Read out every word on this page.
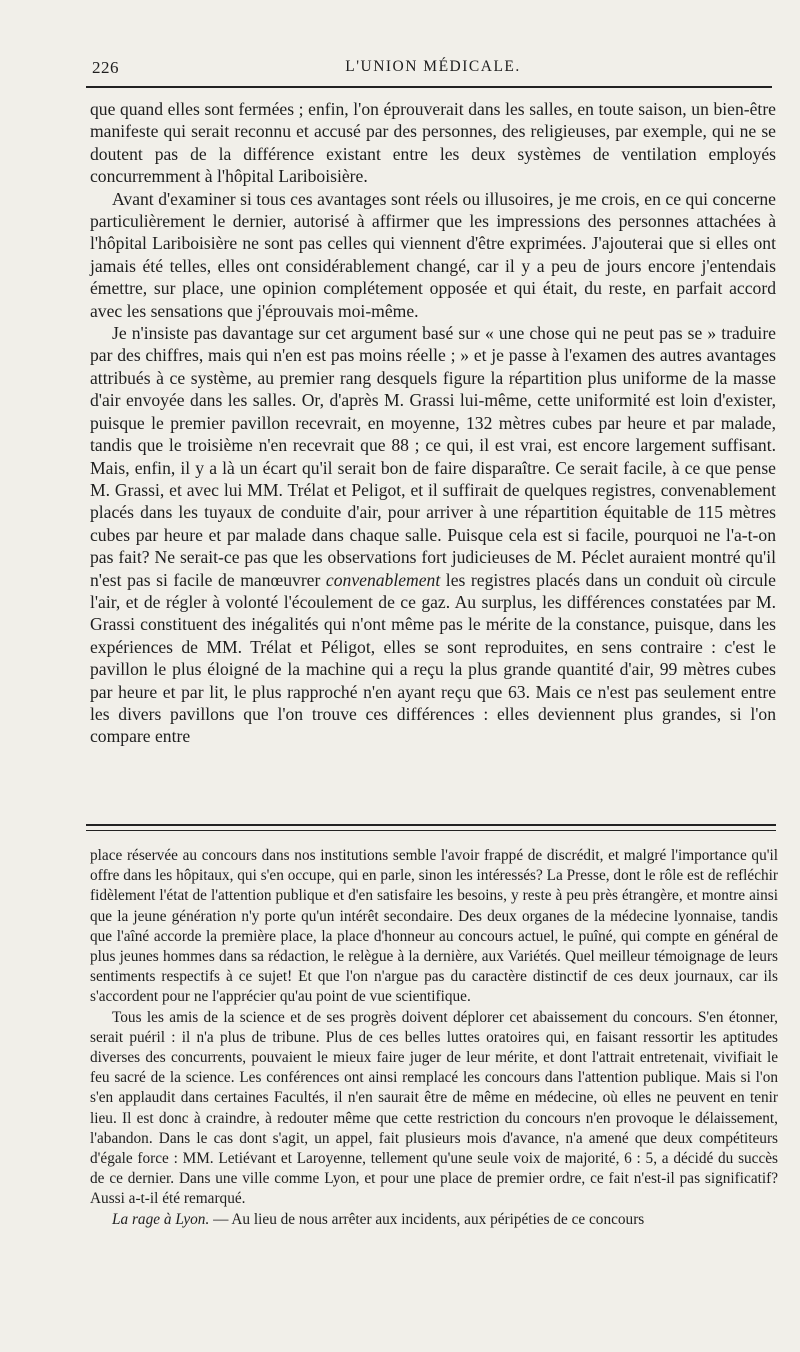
226	L'UNION MÉDICALE.

que quand elles sont fermées ; enfin, l'on éprouverait dans les salles, en toute saison, un bien-être manifeste qui serait reconnu et accusé par des personnes, des religieuses, par exemple, qui ne se doutent pas de la différence existant entre les deux systèmes de ventilation employés concurremment à l'hôpital Lariboisière.

Avant d'examiner si tous ces avantages sont réels ou illusoires, je me crois, en ce qui concerne particulièrement le dernier, autorisé à affirmer que les impressions des personnes attachées à l'hôpital Lariboisière ne sont pas celles qui viennent d'être exprimées. J'ajouterai que si elles ont jamais été telles, elles ont considérablement changé, car il y a peu de jours encore j'entendais émettre, sur place, une opinion complétement opposée et qui était, du reste, en parfait accord avec les sensations que j'éprouvais moi-même.

Je n'insiste pas davantage sur cet argument basé sur « une chose qui ne peut pas se » traduire par des chiffres, mais qui n'en est pas moins réelle ; » et je passe à l'examen des autres avantages attribués à ce système, au premier rang desquels figure la répartition plus uniforme de la masse d'air envoyée dans les salles. Or, d'après M. Grassi lui-même, cette uniformité est loin d'exister, puisque le premier pavillon recevrait, en moyenne, 132 mètres cubes par heure et par malade, tandis que le troisième n'en recevrait que 88 ; ce qui, il est vrai, est encore largement suffisant. Mais, enfin, il y a là un écart qu'il serait bon de faire disparaître. Ce serait facile, à ce que pense M. Grassi, et avec lui MM. Trélat et Peligot, et il suffirait de quelques registres, convenablement placés dans les tuyaux de conduite d'air, pour arriver à une répartition équitable de 115 mètres cubes par heure et par malade dans chaque salle. Puisque cela est si facile, pourquoi ne l'a-t-on pas fait? Ne serait-ce pas que les observations fort judicieuses de M. Péclet auraient montré qu'il n'est pas si facile de manœuvrer convenablement les registres placés dans un conduit où circule l'air, et de régler à volonté l'écoulement de ce gaz. Au surplus, les différences constatées par M. Grassi constituent des inégalités qui n'ont même pas le mérite de la constance, puisque, dans les expériences de MM. Trélat et Péligot, elles se sont reproduites, en sens contraire : c'est le pavillon le plus éloigné de la machine qui a reçu la plus grande quantité d'air, 99 mètres cubes par heure et par lit, le plus rapproché n'en ayant reçu que 63. Mais ce n'est pas seulement entre les divers pavillons que l'on trouve ces différences : elles deviennent plus grandes, si l'on compare entre

place réservée au concours dans nos institutions semble l'avoir frappé de discrédit, et malgré l'importance qu'il offre dans les hôpitaux, qui s'en occupe, qui en parle, sinon les intéressés? La Presse, dont le rôle est de refléchir fidèlement l'état de l'attention publique et d'en satisfaire les besoins, y reste à peu près étrangère, et montre ainsi que la jeune génération n'y porte qu'un intérêt secondaire. Des deux organes de la médecine lyonnaise, tandis que l'aîné accorde la première place, la place d'honneur au concours actuel, le puîné, qui compte en général de plus jeunes hommes dans sa rédaction, le relègue à la dernière, aux Variétés. Quel meilleur témoignage de leurs sentiments respectifs à ce sujet! Et que l'on n'argue pas du caractère distinctif de ces deux journaux, car ils s'accordent pour ne l'apprécier qu'au point de vue scientifique.

Tous les amis de la science et de ses progrès doivent déplorer cet abaissement du concours. S'en étonner, serait puéril : il n'a plus de tribune. Plus de ces belles luttes oratoires qui, en faisant ressortir les aptitudes diverses des concurrents, pouvaient le mieux faire juger de leur mérite, et dont l'attrait entretenait, vivifiait le feu sacré de la science. Les conférences ont ainsi remplacé les concours dans l'attention publique. Mais si l'on s'en applaudit dans certaines Facultés, il n'en saurait être de même en médecine, où elles ne peuvent en tenir lieu. Il est donc à craindre, à redouter même que cette restriction du concours n'en provoque le délaissement, l'abandon. Dans le cas dont s'agit, un appel, fait plusieurs mois d'avance, n'a amené que deux compétiteurs d'égale force : MM. Letiévant et Laroyenne, tellement qu'une seule voix de majorité, 6 : 5, a décidé du succès de ce dernier. Dans une ville comme Lyon, et pour une place de premier ordre, ce fait n'est-il pas significatif? Aussi a-t-il été remarqué.

La rage à Lyon. — Au lieu de nous arrêter aux incidents, aux péripéties de ce concours
